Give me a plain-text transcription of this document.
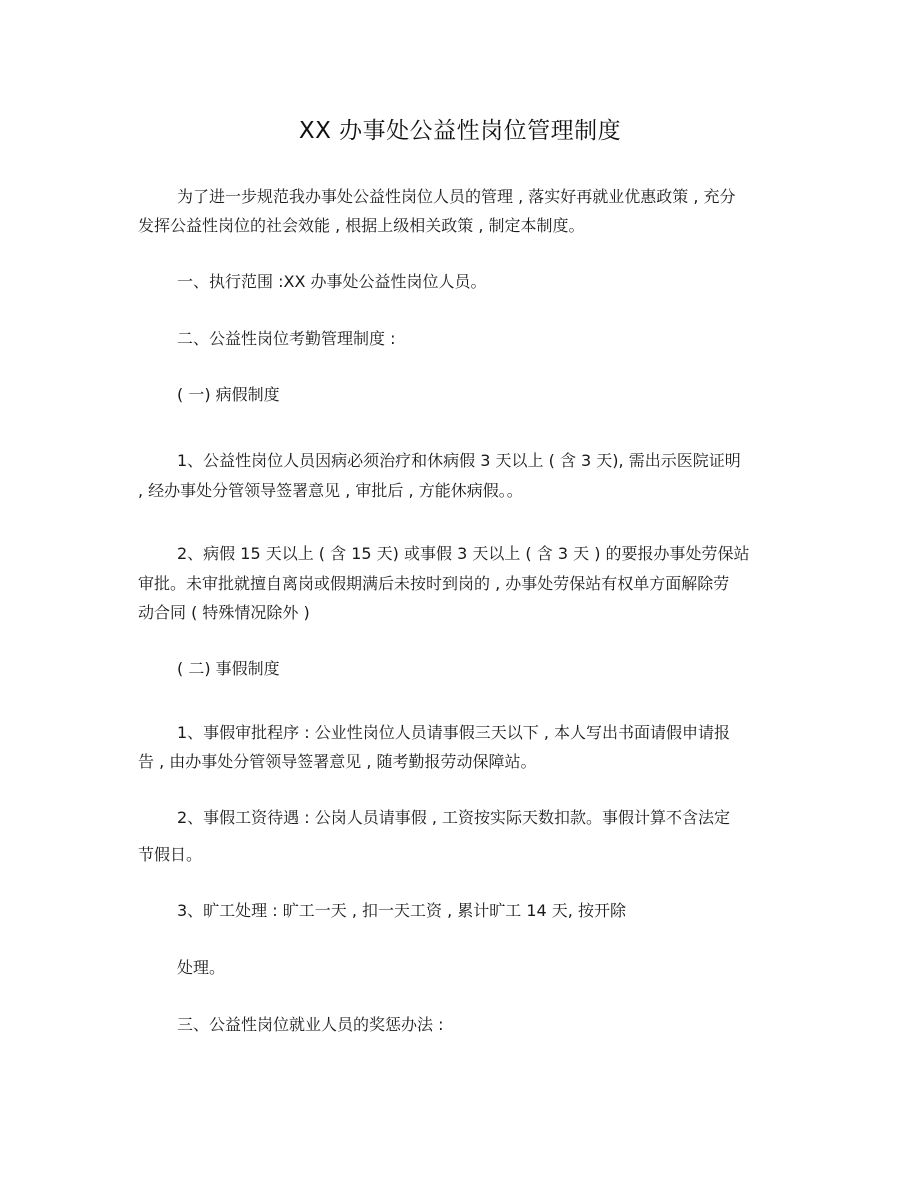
XX 办事处公益性岗位管理制度
为了进一步规范我办事处公益性岗位人员的管理 , 落实好再就业优惠政策 , 充分
发挥公益性岗位的社会效能 , 根据上级相关政策 , 制定本制度。
一、执行范围 :XX 办事处公益性岗位人员。
二、公益性岗位考勤管理制度 :
( 一) 病假制度
1、公益性岗位人员因病必须治疗和休病假 3 天以上 ( 含 3 天), 需出示医院证明
, 经办事处分管领导签署意见 , 审批后 , 方能休病假。。
2、病假 15 天以上 ( 含 15 天) 或事假 3 天以上 ( 含 3 天 ) 的要报办事处劳保站
审批。未审批就擅自离岗或假期满后未按时到岗的 , 办事处劳保站有权单方面解除劳
动合同 ( 特殊情况除外 )
( 二) 事假制度
1、事假审批程序 : 公业性岗位人员请事假三天以下 , 本人写出书面请假申请报
告 , 由办事处分管领导签署意见 , 随考勤报劳动保障站。
2、事假工资待遇 : 公岗人员请事假 , 工资按实际天数扣款。事假计算不含法定
节假日。
3、旷工处理 : 旷工一天 , 扣一天工资 , 累计旷工 14 天, 按开除
处理。
三、公益性岗位就业人员的奖惩办法 :
